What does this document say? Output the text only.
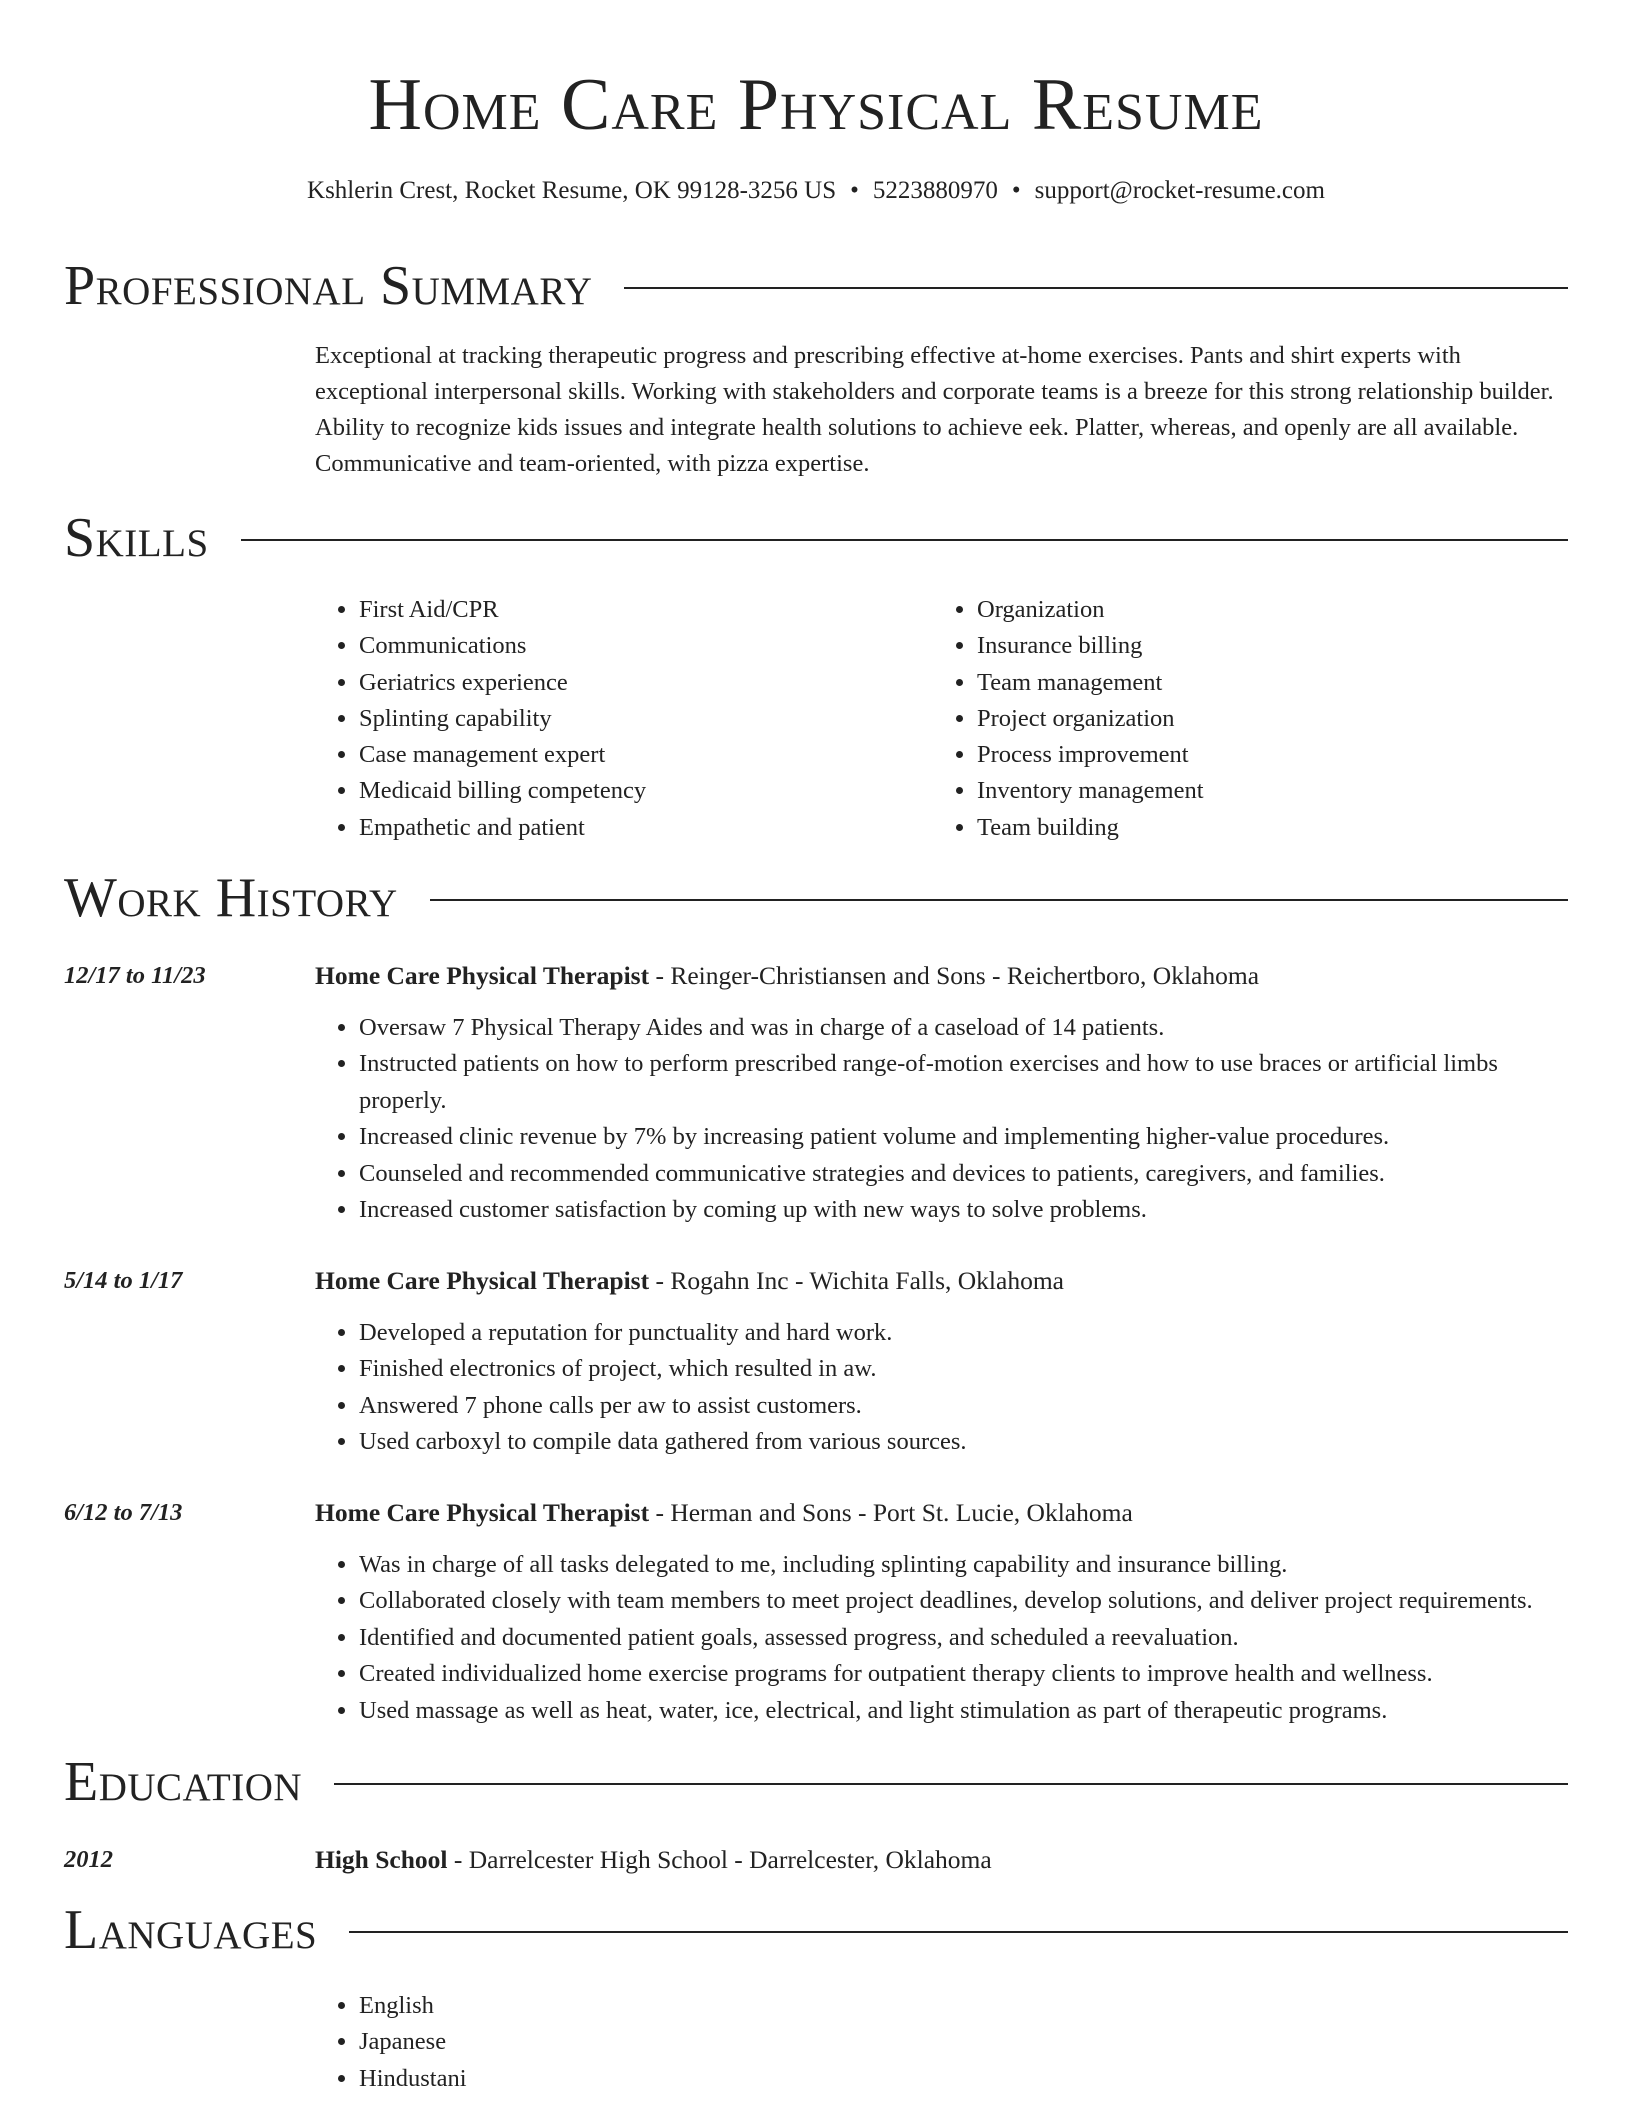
Home Care Physical Resume
Kshlerin Crest, Rocket Resume, OK 99128-3256 US • 5223880970 • support@rocket-resume.com
Professional Summary

Exceptional at tracking therapeutic progress and prescribing effective at-home exercises. Pants and shirt experts with exceptional interpersonal skills. Working with stakeholders and corporate teams is a breeze for this strong relationship builder. Ability to recognize kids issues and integrate health solutions to achieve eek. Platter, whereas, and openly are all available. Communicative and team-oriented, with pizza expertise.

Skills
• First Aid/CPR
• Communications
• Geriatrics experience
• Splinting capability
• Case management expert
• Medicaid billing competency
• Empathetic and patient
• Organization
• Insurance billing
• Team management
• Project organization
• Process improvement
• Inventory management
• Team building
Work History
12/17 to 11/23	Home Care Physical Therapist - Reinger-Christiansen and Sons - Reichertboro, Oklahoma
• Oversaw 7 Physical Therapy Aides and was in charge of a caseload of 14 patients.
• Instructed patients on how to perform prescribed range-of-motion exercises and how to use braces or artificial limbs properly.
• Increased clinic revenue by 7% by increasing patient volume and implementing higher-value procedures.
• Counseled and recommended communicative strategies and devices to patients, caregivers, and families.
• Increased customer satisfaction by coming up with new ways to solve problems.
5/14 to 1/17	Home Care Physical Therapist - Rogahn Inc - Wichita Falls, Oklahoma
• Developed a reputation for punctuality and hard work.
• Finished electronics of project, which resulted in aw.
• Answered 7 phone calls per aw to assist customers.
• Used carboxyl to compile data gathered from various sources.
6/12 to 7/13	Home Care Physical Therapist - Herman and Sons - Port St. Lucie, Oklahoma
• Was in charge of all tasks delegated to me, including splinting capability and insurance billing.
• Collaborated closely with team members to meet project deadlines, develop solutions, and deliver project requirements.
• Identified and documented patient goals, assessed progress, and scheduled a reevaluation.
• Created individualized home exercise programs for outpatient therapy clients to improve health and wellness.
• Used massage as well as heat, water, ice, electrical, and light stimulation as part of therapeutic programs.
Education
2012	High School - Darrelcester High School - Darrelcester, Oklahoma
Languages
• English
• Japanese
• Hindustani
